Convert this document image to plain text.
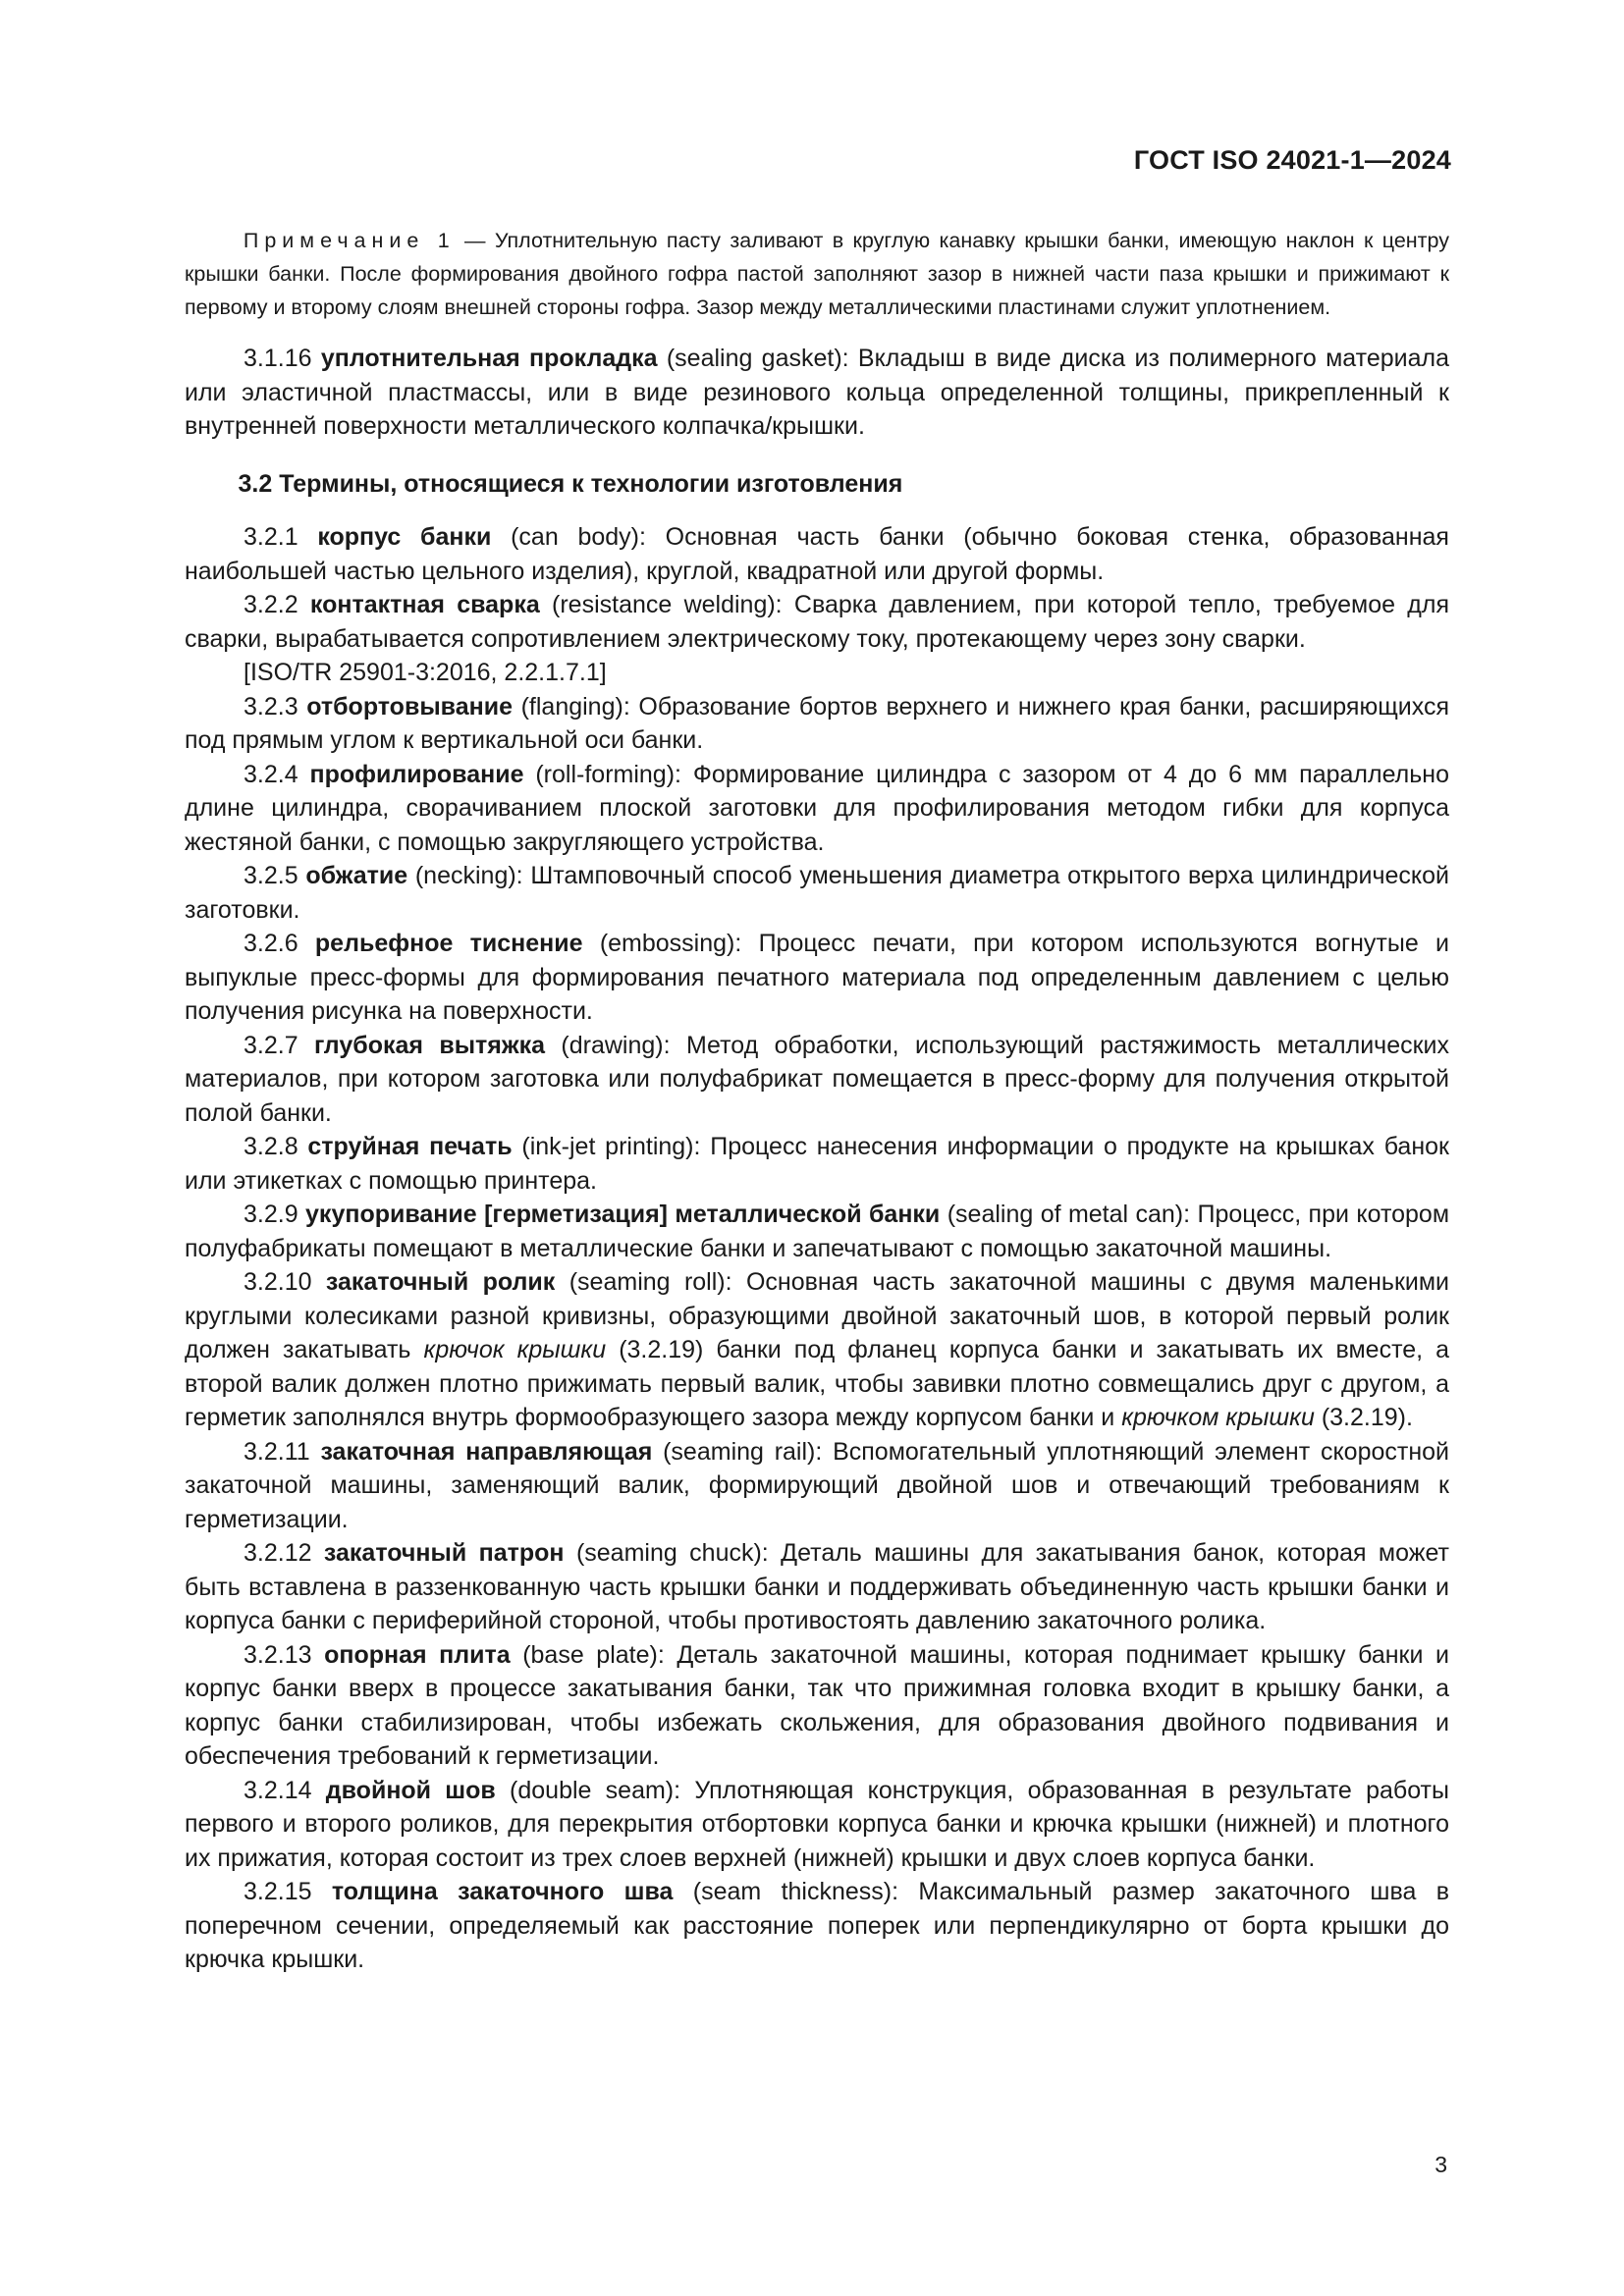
ГОСТ ISO 24021-1—2024

Примечание 1 — Уплотнительную пасту заливают в круглую канавку крышки банки, имеющую наклон к центру крышки банки. После формирования двойного гофра пастой заполняют зазор в нижней части паза крышки и прижимают к первому и второму слоям внешней стороны гофра. Зазор между металлическими пластинами служит уплотнением.

3.1.16 уплотнительная прокладка (sealing gasket): Вкладыш в виде диска из полимерного материала или эластичной пластмассы, или в виде резинового кольца определенной толщины, прикрепленный к внутренней поверхности металлического колпачка/крышки.

3.2 Термины, относящиеся к технологии изготовления

3.2.1 корпус банки (can body): Основная часть банки (обычно боковая стенка, образованная наибольшей частью цельного изделия), круглой, квадратной или другой формы.

3.2.2 контактная сварка (resistance welding): Сварка давлением, при которой тепло, требуемое для сварки, вырабатывается сопротивлением электрическому току, протекающему через зону сварки.

[ISO/TR 25901-3:2016, 2.2.1.7.1]

3.2.3 отбортовывание (flanging): Образование бортов верхнего и нижнего края банки, расширяющихся под прямым углом к вертикальной оси банки.

3.2.4 профилирование (roll-forming): Формирование цилиндра с зазором от 4 до 6 мм параллельно длине цилиндра, сворачиванием плоской заготовки для профилирования методом гибки для корпуса жестяной банки, с помощью закругляющего устройства.

3.2.5 обжатие (necking): Штамповочный способ уменьшения диаметра открытого верха цилиндрической заготовки.

3.2.6 рельефное тиснение (embossing): Процесс печати, при котором используются вогнутые и выпуклые пресс-формы для формирования печатного материала под определенным давлением с целью получения рисунка на поверхности.

3.2.7 глубокая вытяжка (drawing): Метод обработки, использующий растяжимость металлических материалов, при котором заготовка или полуфабрикат помещается в пресс-форму для получения открытой полой банки.

3.2.8 струйная печать (ink-jet printing): Процесс нанесения информации о продукте на крышках банок или этикетках с помощью принтера.

3.2.9 укупоривание [герметизация] металлической банки (sealing of metal can): Процесс, при котором полуфабрикаты помещают в металлические банки и запечатывают с помощью закаточной машины.

3.2.10 закаточный ролик (seaming roll): Основная часть закаточной машины с двумя маленькими круглыми колесиками разной кривизны, образующими двойной закаточный шов, в которой первый ролик должен закатывать крючок крышки (3.2.19) банки под фланец корпуса банки и закатывать их вместе, а второй валик должен плотно прижимать первый валик, чтобы завивки плотно совмещались друг с другом, а герметик заполнялся внутрь формообразующего зазора между корпусом банки и крючком крышки (3.2.19).

3.2.11 закаточная направляющая (seaming rail): Вспомогательный уплотняющий элемент скоростной закаточной машины, заменяющий валик, формирующий двойной шов и отвечающий требованиям к герметизации.

3.2.12 закаточный патрон (seaming chuck): Деталь машины для закатывания банок, которая может быть вставлена в раззенкованную часть крышки банки и поддерживать объединенную часть крышки банки и корпуса банки с периферийной стороной, чтобы противостоять давлению закаточного ролика.

3.2.13 опорная плита (base plate): Деталь закаточной машины, которая поднимает крышку банки и корпус банки вверх в процессе закатывания банки, так что прижимная головка входит в крышку банки, а корпус банки стабилизирован, чтобы избежать скольжения, для образования двойного подвивания и обеспечения требований к герметизации.

3.2.14 двойной шов (double seam): Уплотняющая конструкция, образованная в результате работы первого и второго роликов, для перекрытия отбортовки корпуса банки и крючка крышки (нижней) и плотного их прижатия, которая состоит из трех слоев верхней (нижней) крышки и двух слоев корпуса банки.

3.2.15 толщина закаточного шва (seam thickness): Максимальный размер закаточного шва в поперечном сечении, определяемый как расстояние поперек или перпендикулярно от борта крышки до крючка крышки.

3
